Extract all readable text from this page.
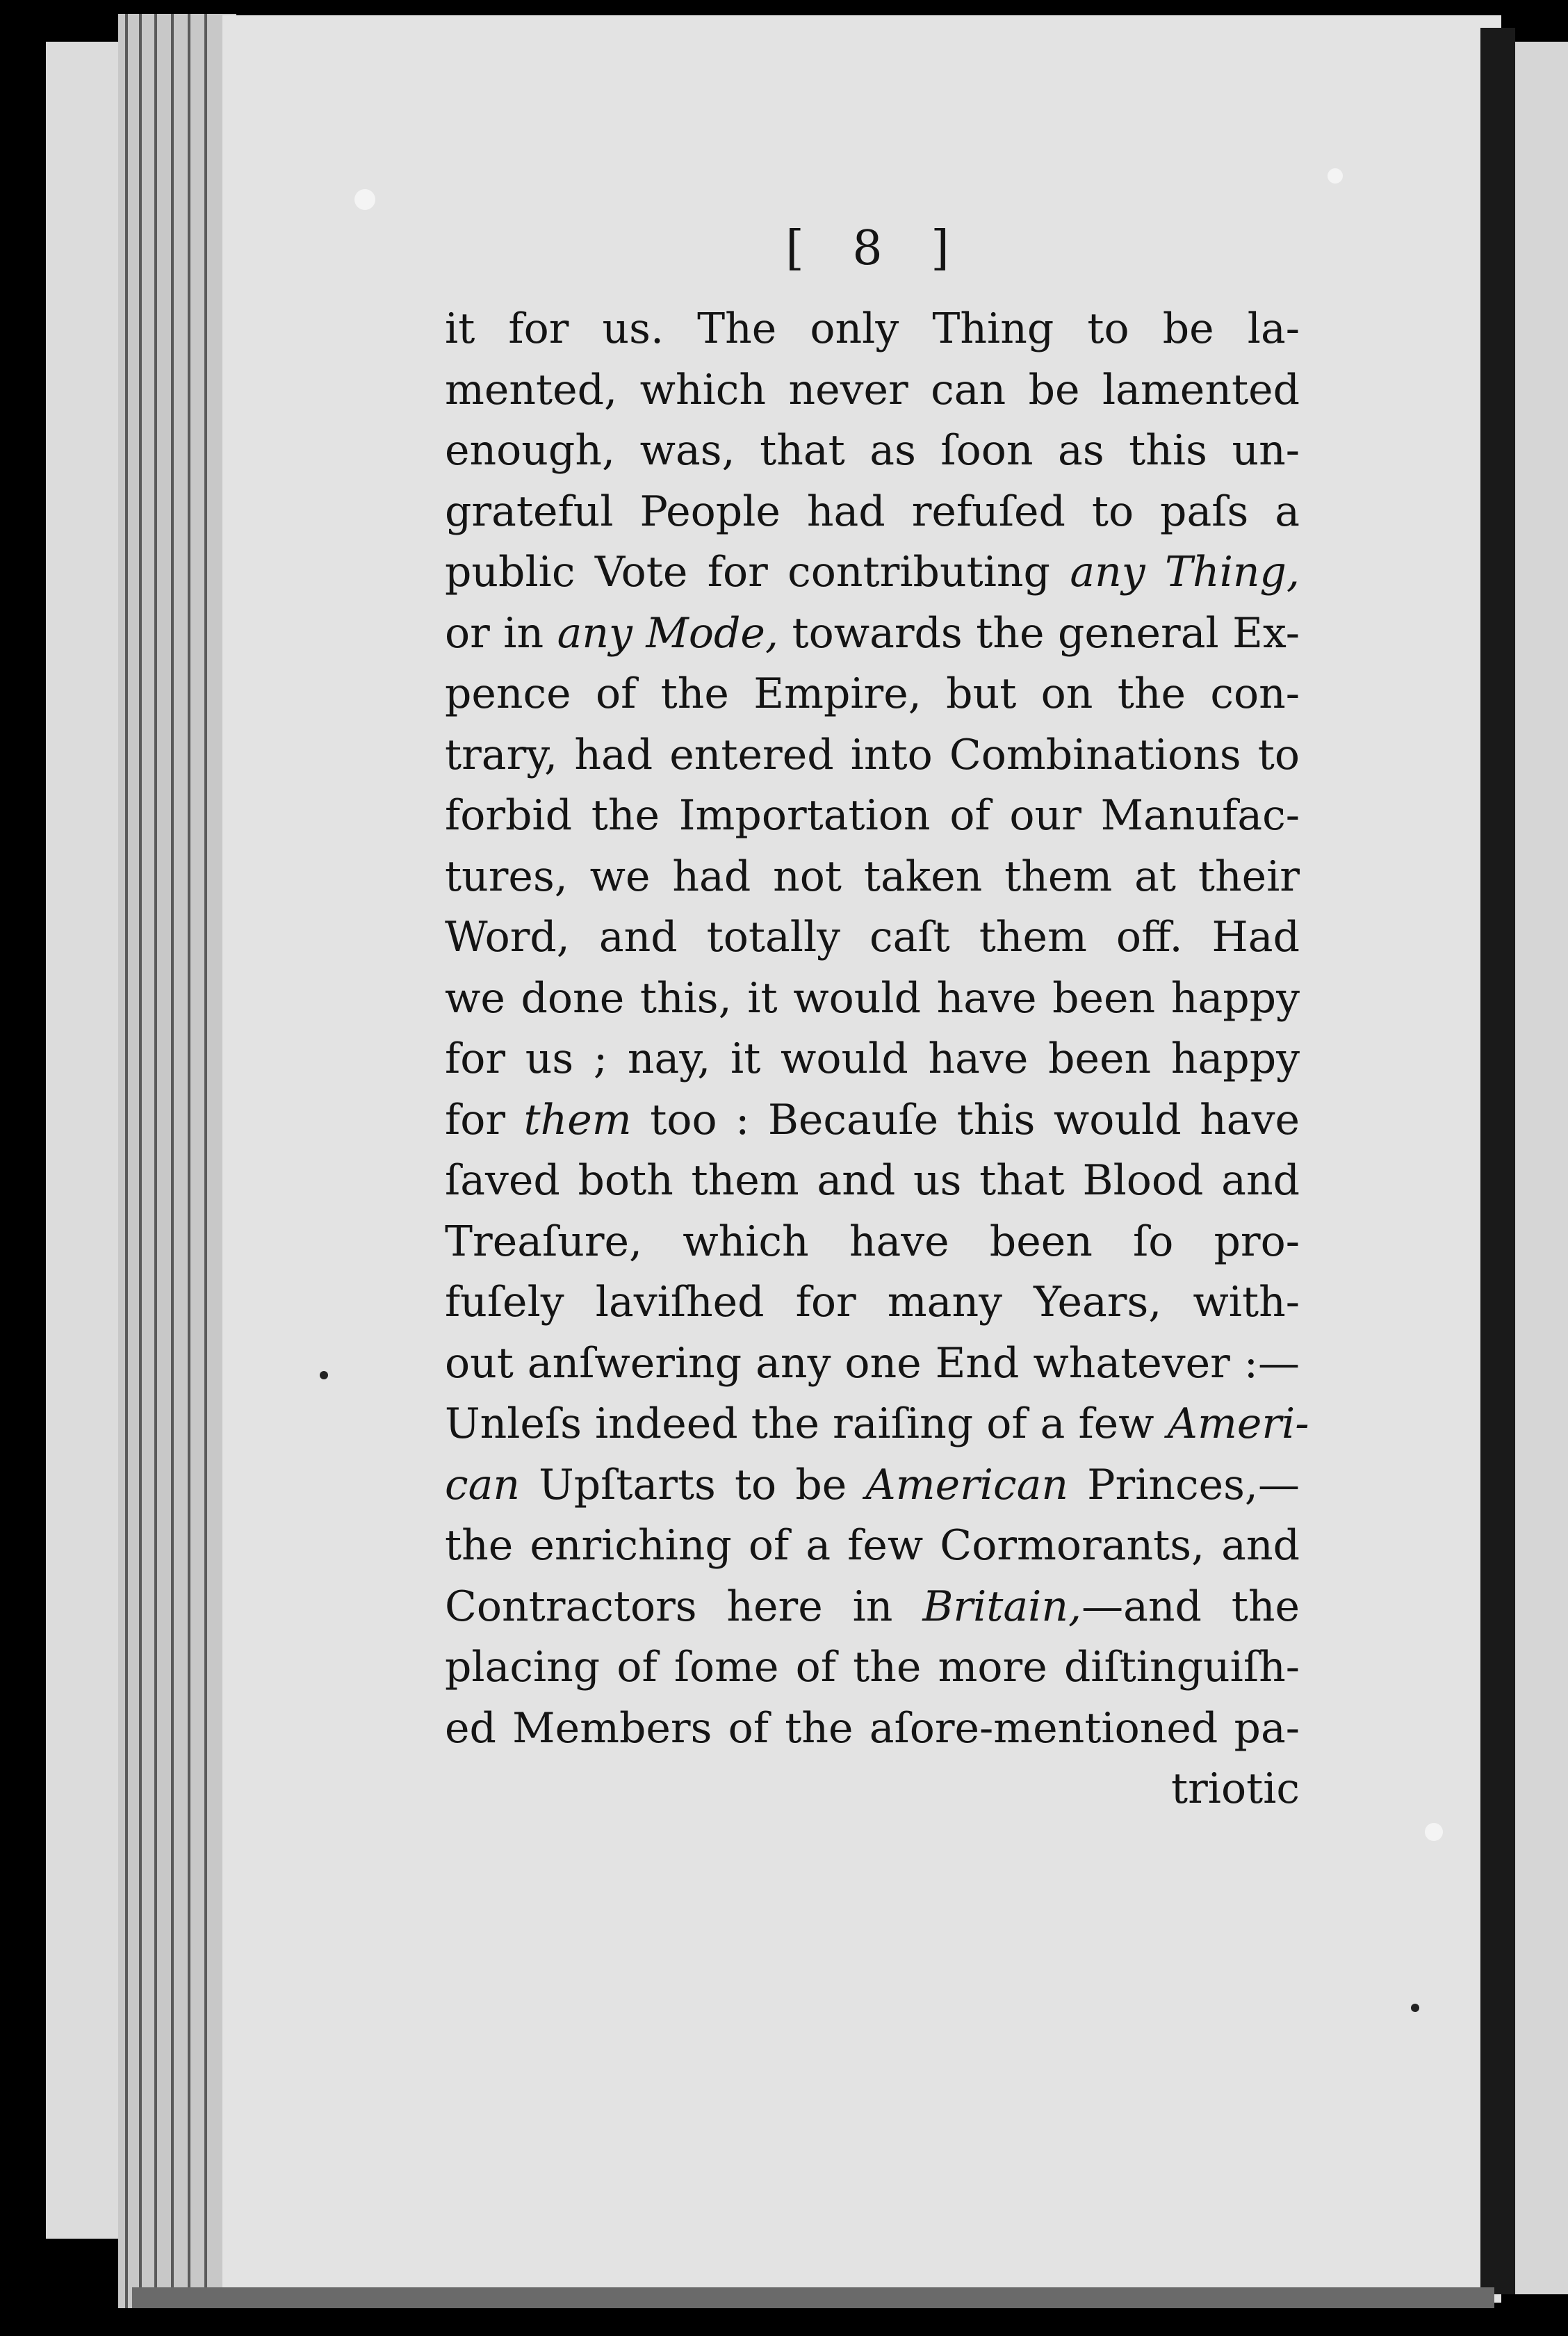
[ 8 ]
it for us. The only Thing to be la-
mented, which never can be lamented
enough, was, that as ſoon as this un-
grateful People had refuſed to paſs a
public Vote for contributing any Thing,
or in any Mode, towards the general Ex-
pence of the Empire, but on the con-
trary, had entered into Combinations to
forbid the Importation of our Manufac-
tures, we had not taken them at their
Word, and totally caſt them off. Had
we done this, it would have been happy
for us ; nay, it would have been happy
for them too : Becauſe this would have
ſaved both them and us that Blood and
Treaſure, which have been ſo pro-
fuſely laviſhed for many Years, with-
out anſwering any one End whatever :—
Unleſs indeed the raiſing of a few Ameri-
can Upſtarts to be American Princes,—
the enriching of a few Cormorants, and
Contractors here in Britain,—and the
placing of ſome of the more diſtinguiſh-
ed Members of the aſore-mentioned pa-
triotic
